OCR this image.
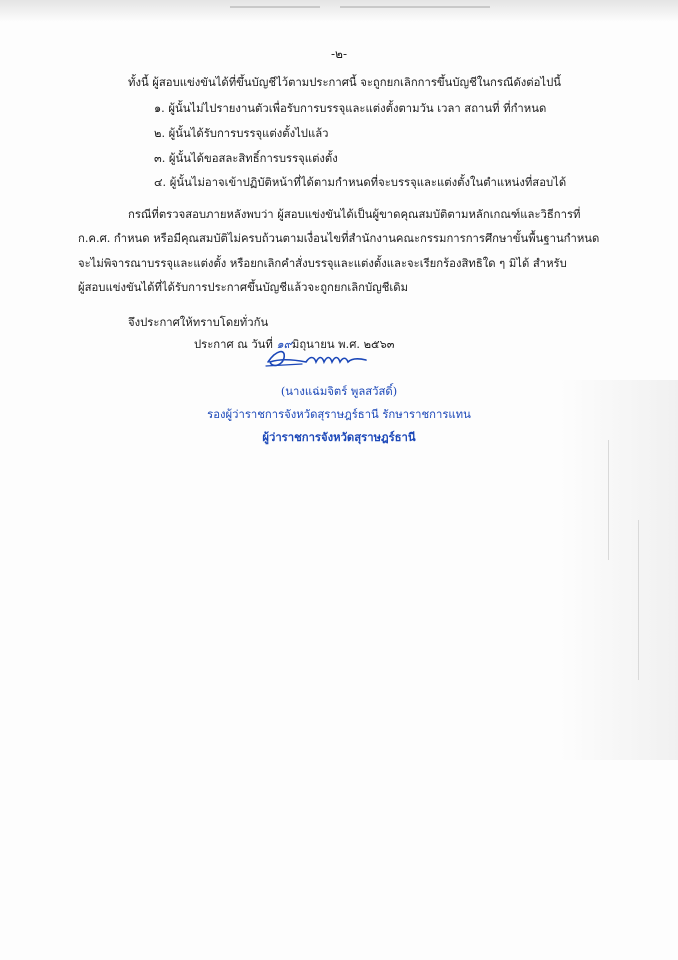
-๒-
ทั้งนี้ ผู้สอบแข่งขันได้ที่ขึ้นบัญชีไว้ตามประกาศนี้ จะถูกยกเลิกการขึ้นบัญชีในกรณีดังต่อไปนี้
๑. ผู้นั้นไม่ไปรายงานตัวเพื่อรับการบรรจุและแต่งตั้งตามวัน เวลา สถานที่ ที่กำหนด
๒. ผู้นั้นได้รับการบรรจุแต่งตั้งไปแล้ว
๓. ผู้นั้นได้ขอสละสิทธิ์การบรรจุแต่งตั้ง
๔. ผู้นั้นไม่อาจเข้าปฏิบัติหน้าที่ได้ตามกำหนดที่จะบรรจุและแต่งตั้งในตำแหน่งที่สอบได้
กรณีที่ตรวจสอบภายหลังพบว่า ผู้สอบแข่งขันได้เป็นผู้ขาดคุณสมบัติตามหลักเกณฑ์และวิธีการที่
ก.ค.ศ. กำหนด หรือมีคุณสมบัติไม่ครบถ้วนตามเงื่อนไขที่สำนักงานคณะกรรมการการศึกษาขั้นพื้นฐานกำหนด
จะไม่พิจารณาบรรจุและแต่งตั้ง หรือยกเลิกคำสั่งบรรจุและแต่งตั้งและจะเรียกร้องสิทธิใด ๆ มิได้ สำหรับ
ผู้สอบแข่งขันได้ที่ได้รับการประกาศขึ้นบัญชีแล้วจะถูกยกเลิกบัญชีเดิม
จึงประกาศให้ทราบโดยทั่วกัน
ประกาศ ณ วันที่ ๑๙มิถุนายน พ.ศ. ๒๕๖๓
(นางแฉ่มจิตร์ พูลสวัสดิ์)
รองผู้ว่าราชการจังหวัดสุราษฎร์ธานี รักษาราชการแทน
ผู้ว่าราชการจังหวัดสุราษฎร์ธานี
